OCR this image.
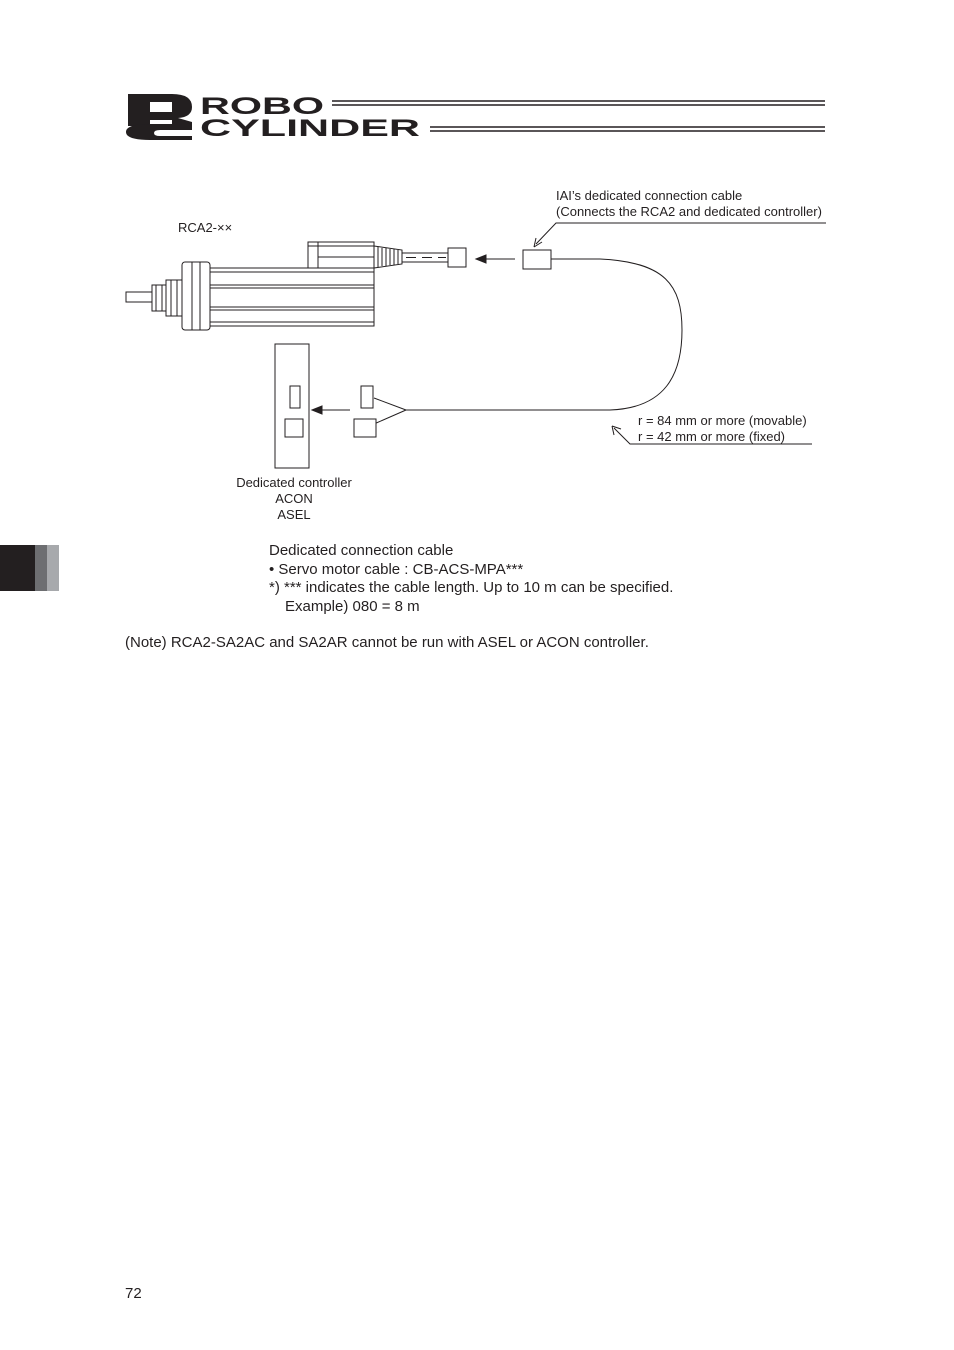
ROBO
CYLINDER
RCA2-××
IAI’s dedicated connection cable
(Connects the RCA2 and dedicated controller)
r = 84 mm or more (movable)
r = 42 mm or more (fixed)
Dedicated controller
ACON
ASEL
Dedicated connection cable
• Servo motor cable : CB-ACS-MPA***
*) *** indicates the cable length. Up to 10 m can be specified.
Example) 080 = 8 m
(Note) RCA2-SA2AC and SA2AR cannot be run with ASEL or ACON controller.
72
